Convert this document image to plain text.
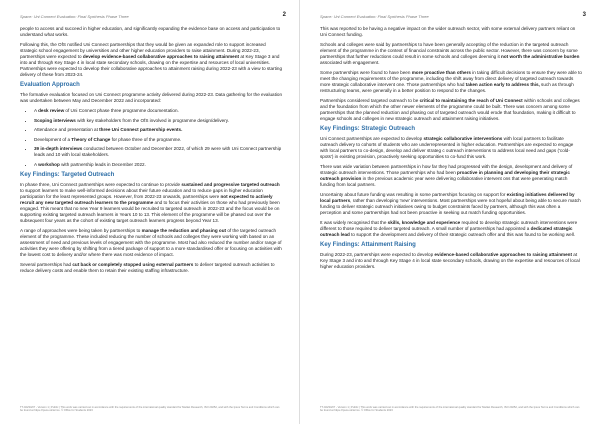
Space: Uni Connect Evaluation: Final Synthesis Phase Three	2

people to access and succeed in higher education, and significantly expanding the evidence base on access and participation to understand what works.

Following this, the OfS notified Uni Connect partnerships that they would be given an expanded role to support increased strategic school engagement by universities and other higher education providers to raise attainment. During 2022-23, partnerships were expected to develop evidence-based collaborative approaches to raising attainment at Key Stage 3 and into and through Key Stage 4 in local state secondary schools, drawing on the expertise and resources of local universities. Partnerships were expected to develop their collaborative approaches to attainment raising during 2022-23 with a view to starting delivery of these from 2023-24.

Evaluation Approach

The formative evaluation focused on Uni Connect programme activity delivered during 2022-23. Data gathering for the evaluation was undertaken between May and December 2022 and incorporated:

• A desk review of Uni Connect phase three programme documentation.
• Scoping interviews with key stakeholders from the OfS involved in programme design/delivery.
• Attendance and presentation at three Uni Connect partnership events.
• Development of a Theory of Change for phase three of the programme.
• 39 in-depth interviews conducted between October and December 2022, of which 29 were with Uni Connect partnership leads and 10 with local stakeholders.
• A workshop with partnership leads in December 2022.
Key Findings: Targeted Outreach

In phase three, Uni Connect partnerships were expected to continue to provide sustained and progressive targeted outreach to support learners to make well-informed decisions about their future education and to reduce gaps in higher education participation for the least represented groups. However, from 2022-23 onwards, partnerships were not expected to actively recruit any new targeted outreach learners to the programme and to focus their activities on those who had previously been engaged. This meant that no new Year 9 learners would be recruited to targeted outreach in 2022-23 and the focus would be on supporting existing targeted outreach learners in Years 10 to 13. This element of the programme will be phased out over the subsequent four years as the cohort of existing target outreach learners progress beyond Year 13.

A range of approaches were being taken by partnerships to manage the reduction and phasing out of the targeted outreach element of the programme. These included reducing the number of schools and colleges they were working with based on an assessment of need and previous levels of engagement with the programme. Most had also reduced the number and/or range of activities they were offering by shifting from a tiered package of support to a more standardised offer or focusing on activities with the lowest cost to delivery and/or where there was most evidence of impact.

Several partnerships had cut back or completely stopped using external partners to deliver targeted outreach activities to reduce delivery costs and enable them to retain their existing staffing infrastructure.

TT-02234/07 - Version 1 | Public | This work was carried out in accordance with the requirements of the international quality standard for Market Research, ISO 20252, and with the Ipsos Terms and Conditions which can be found at https://ipsos.uk/terms. © Office for Students 2023
Space: Uni Connect Evaluation: Final Synthesis Phase Three	3

This was reported to be having a negative impact on the wider outreach sector, with some external delivery partners reliant on Uni Connect funding.

Schools and colleges were said by partnerships to have been generally accepting of the reduction in the targeted outreach element of the programme in the context of financial constraints across the public sector. However, there was concern by some partnerships that further reductions could result in some schools and colleges deeming it not worth the administrative burden associated with engagement.

Some partnerships were found to have been more proactive than others in taking difficult decisions to ensure they were able to meet the changing requirements of the programme, including the shift away from direct delivery of targeted outreach towards more strategic collaborative intervent one. Those partnerships who had taken action early to address this, such as through restructuring teams, were generally in a better position to respond to the changes.

Partnerships considered targeted outreach to be critical to maintaining the reach of Uni Connect within schools and colleges and the foundation from which the other newer elements of the programme could be built. There was concern among some partnerships that the planned reduction and phasing out of targeted outreach would erode that foundation, making it difficult to engage schools and colleges in new strategic outreach and attainment raising initiatives.

Key Findings: Strategic Outreach

Uni Connect partnerships are expected to develop strategic collaborative interventions with local partners to facilitate outreach delivery to cohorts of students who are underrepresented in higher education. Partnerships are expected to engage with local partners to co-design, develop and deliver strateg c outreach interventions to address local need and gaps ('cold-spots') in existing provision, proactively seeking opportunities to co-fund this work.

There was wide variation between partnerships in how far they had progressed with the design, development and delivery of strategic outreach interventions. Those partnerships who had been proactive in planning and developing their strategic outreach provision in the previous academic year were delivering collaborative intervent ons that were generating match funding from local partners.

Uncertainty about future funding was resulting in some partnerships focusing on support for existing initiatives delivered by local partners, rather than developing 'new' interventions. Most partnerships were not hopeful about being able to secure match funding to deliver strategic outreach initiatives owing to budget constraints faced by partners, although this was often a perception and some partnerships had not been proactive in seeking out match funding opportunities.

It was widely recognised that the skills, knowledge and experience required to develop strategic outreach interventions were different to those required to deliver targeted outreach. A small number of partnerships had appointed a dedicated strategic outreach lead to support the development and delivery of their strategic outreach offer and this was found to be working well.

Key Findings: Attainment Raising

During 2022-23, partnerships were expected to develop evidence-based collaborative approaches to raising attainment at Key Stage 3 and into and through Key Stage 4 in local state secondary schools, drawing on the expertise and resources of local higher education providers.

TT-02234/07 - Version 1 | Public | This work was carried out in accordance with the requirements of the international quality standard for Market Research, ISO 20252, and with the Ipsos Terms and Conditions which can be found at https://ipsos.uk/terms. © Office for Students 2023
